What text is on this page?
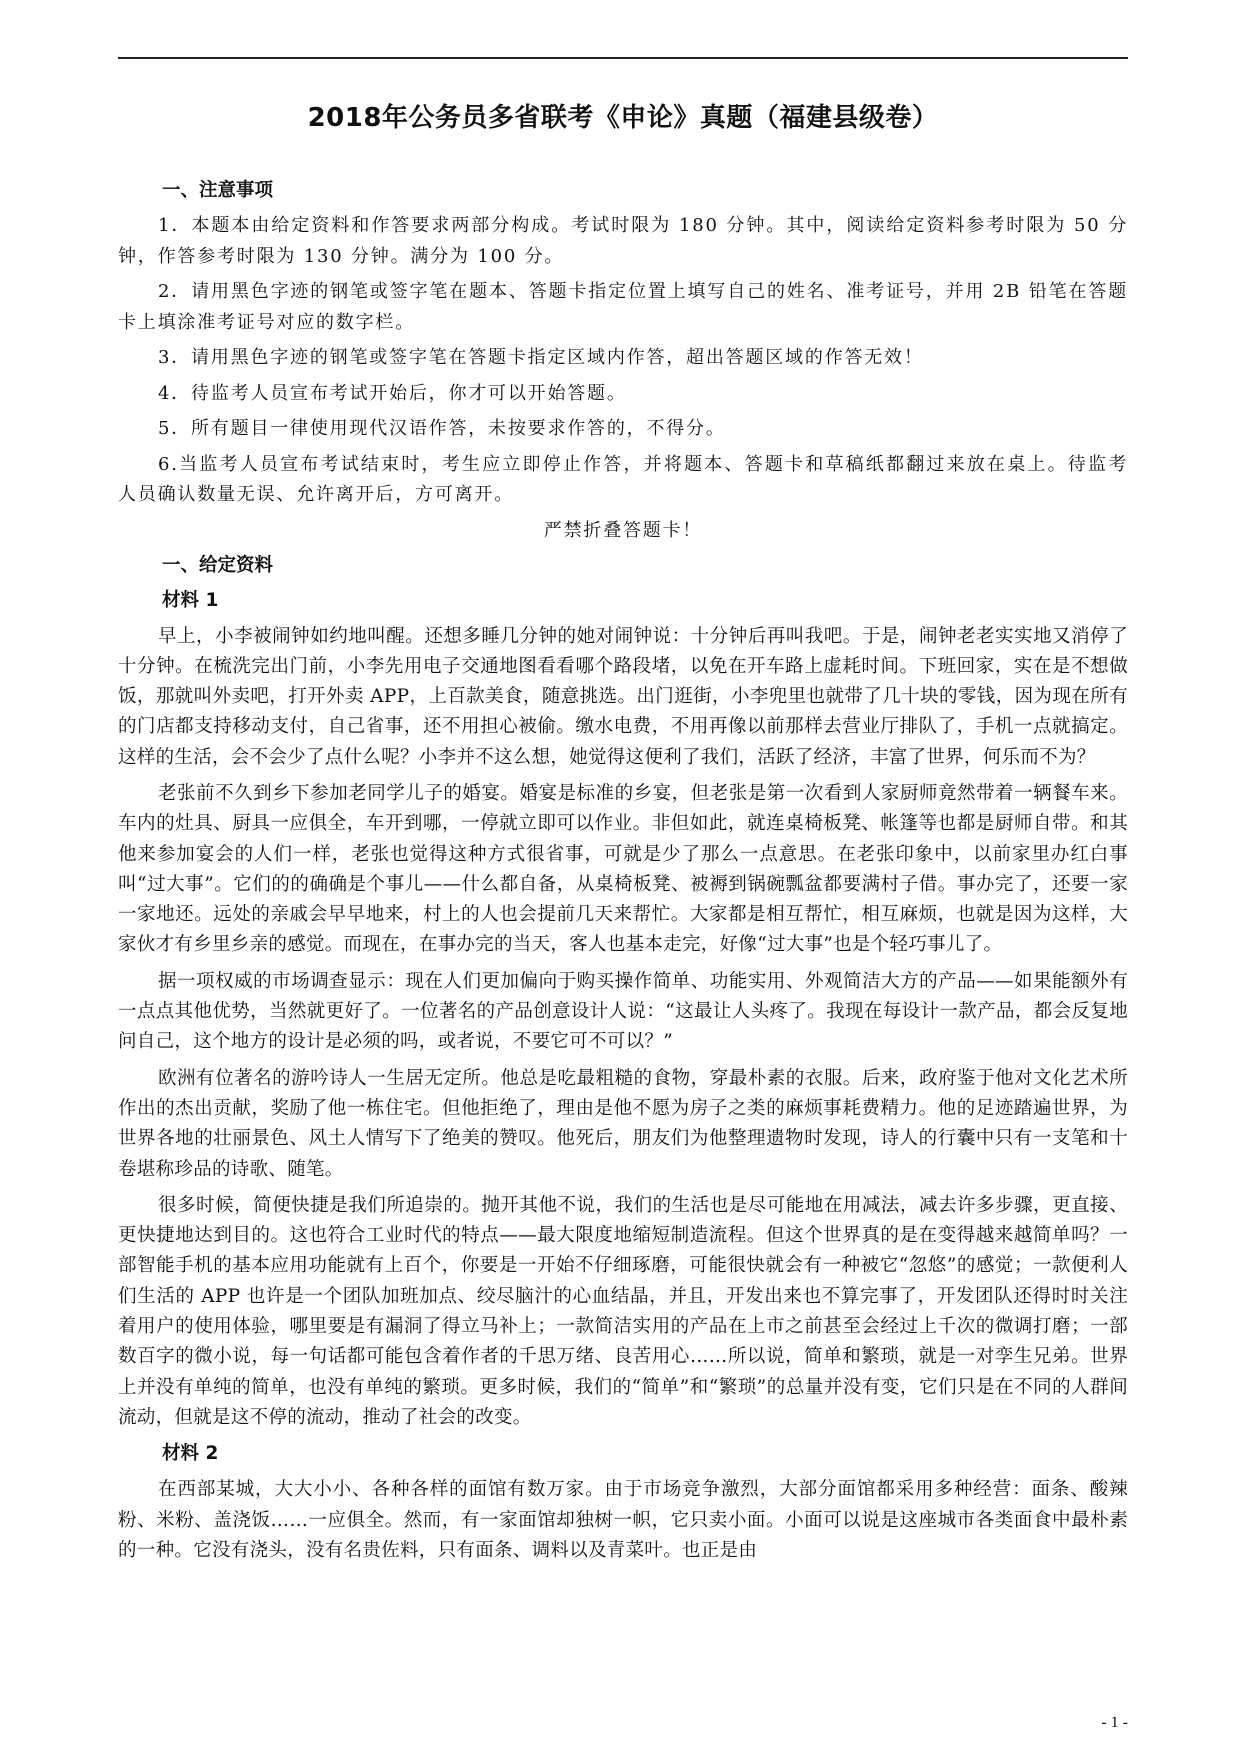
2018年公务员多省联考《申论》真题（福建县级卷）
一、注意事项

1．本题本由给定资料和作答要求两部分构成。考试时限为 180 分钟。其中，阅读给定资料参考时限为 50 分钟，作答参考时限为 130 分钟。满分为 100 分。

2．请用黑色字迹的钢笔或签字笔在题本、答题卡指定位置上填写自己的姓名、准考证号，并用 2B 铅笔在答题卡上填涂准考证号对应的数字栏。

3．请用黑色字迹的钢笔或签字笔在答题卡指定区域内作答，超出答题区域的作答无效！

4．待监考人员宣布考试开始后，你才可以开始答题。

5．所有题目一律使用现代汉语作答，未按要求作答的，不得分。

6.当监考人员宣布考试结束时，考生应立即停止作答，并将题本、答题卡和草稿纸都翻过来放在桌上。待监考人员确认数量无误、允许离开后，方可离开。

严禁折叠答题卡！
一、给定资料
材料 1

早上，小李被闹钟如约地叫醒。还想多睡几分钟的她对闹钟说：十分钟后再叫我吧。于是，闹钟老老实实地又消停了十分钟。在梳洗完出门前，小李先用电子交通地图看看哪个路段堵，以免在开车路上虚耗时间。下班回家，实在是不想做饭，那就叫外卖吧，打开外卖 APP，上百款美食，随意挑选。出门逛街，小李兜里也就带了几十块的零钱，因为现在所有的门店都支持移动支付，自己省事，还不用担心被偷。缴水电费，不用再像以前那样去营业厅排队了，手机一点就搞定。这样的生活，会不会少了点什么呢？小李并不这么想，她觉得这便利了我们，活跃了经济，丰富了世界，何乐而不为？

老张前不久到乡下参加老同学儿子的婚宴。婚宴是标准的乡宴，但老张是第一次看到人家厨师竟然带着一辆餐车来。车内的灶具、厨具一应俱全，车开到哪，一停就立即可以作业。非但如此，就连桌椅板凳、帐篷等也都是厨师自带。和其他来参加宴会的人们一样，老张也觉得这种方式很省事，可就是少了那么一点意思。在老张印象中，以前家里办红白事叫“过大事”。它们的的确确是个事儿——什么都自备，从桌椅板凳、被褥到锅碗瓢盆都要满村子借。事办完了，还要一家一家地还。远处的亲戚会早早地来，村上的人也会提前几天来帮忙。大家都是相互帮忙，相互麻烦，也就是因为这样，大家伙才有乡里乡亲的感觉。而现在，在事办完的当天，客人也基本走完，好像“过大事”也是个轻巧事儿了。

据一项权威的市场调查显示：现在人们更加偏向于购买操作简单、功能实用、外观简洁大方的产品——如果能额外有一点点其他优势，当然就更好了。一位著名的产品创意设计人说：“这最让人头疼了。我现在每设计一款产品，都会反复地问自己，这个地方的设计是必须的吗，或者说，不要它可不可以？”

欧洲有位著名的游吟诗人一生居无定所。他总是吃最粗糙的食物，穿最朴素的衣服。后来，政府鉴于他对文化艺术所作出的杰出贡献，奖励了他一栋住宅。但他拒绝了，理由是他不愿为房子之类的麻烦事耗费精力。他的足迹踏遍世界，为世界各地的壮丽景色、风土人情写下了绝美的赞叹。他死后，朋友们为他整理遗物时发现，诗人的行囊中只有一支笔和十卷堪称珍品的诗歌、随笔。

很多时候，简便快捷是我们所追崇的。抛开其他不说，我们的生活也是尽可能地在用减法，减去许多步骤，更直接、更快捷地达到目的。这也符合工业时代的特点——最大限度地缩短制造流程。但这个世界真的是在变得越来越简单吗？一部智能手机的基本应用功能就有上百个，你要是一开始不仔细琢磨，可能很快就会有一种被它“忽悠”的感觉；一款便利人们生活的 APP 也许是一个团队加班加点、绞尽脑汁的心血结晶，并且，开发出来也不算完事了，开发团队还得时时关注着用户的使用体验，哪里要是有漏洞了得立马补上；一款简洁实用的产品在上市之前甚至会经过上千次的微调打磨；一部数百字的微小说，每一句话都可能包含着作者的千思万绪、良苦用心……所以说，简单和繁琐，就是一对孪生兄弟。世界上并没有单纯的简单，也没有单纯的繁琐。更多时候，我们的“简单”和“繁琐”的总量并没有变，它们只是在不同的人群间流动，但就是这不停的流动，推动了社会的改变。

材料 2

在西部某城，大大小小、各种各样的面馆有数万家。由于市场竞争激烈，大部分面馆都采用多种经营：面条、酸辣粉、米粉、盖浇饭……一应俱全。然而，有一家面馆却独树一帜，它只卖小面。小面可以说是这座城市各类面食中最朴素的一种。它没有浇头，没有名贵佐料，只有面条、调料以及青菜叶。也正是由

- 1 -
